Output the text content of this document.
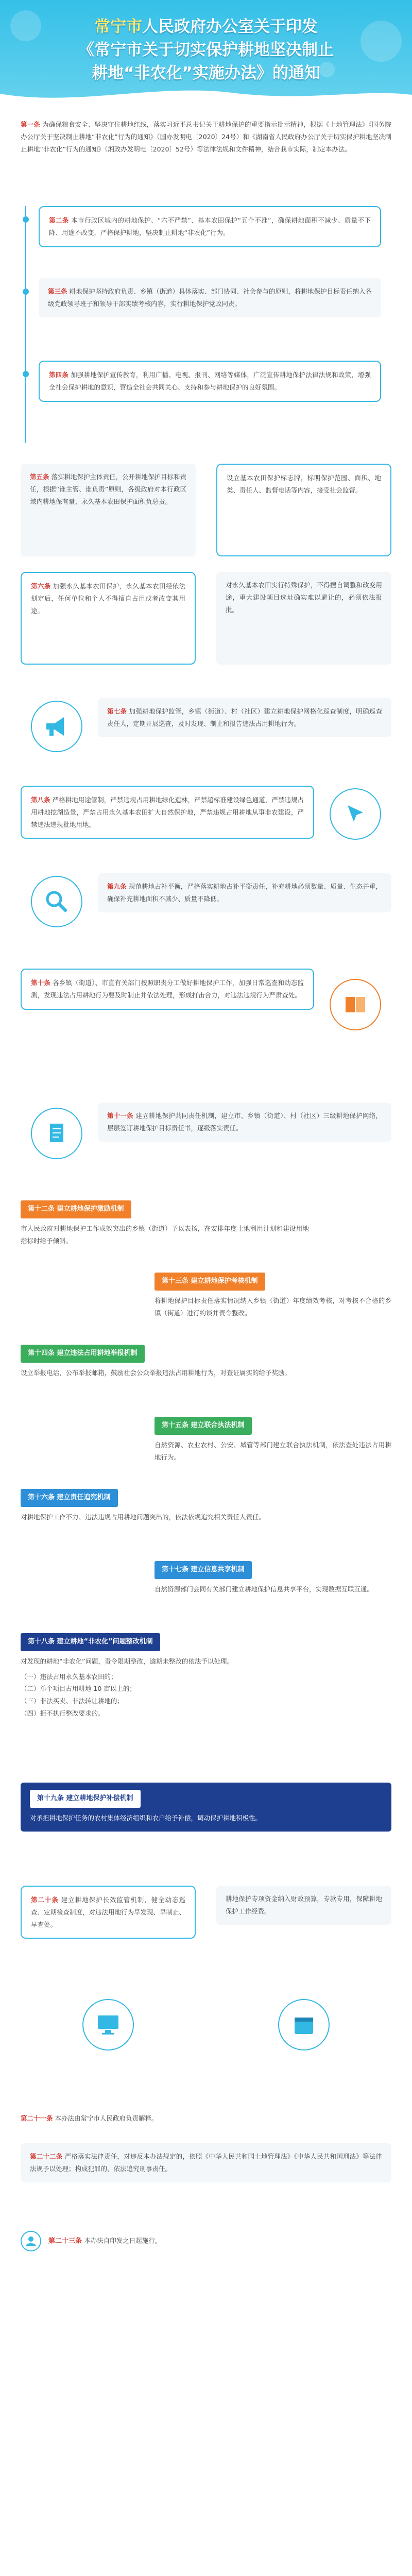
常宁市人民政府办公室关于印发
《常宁市关于切实保护耕地坚决制止
耕地“非农化”实施办法》的通知

第一条 为确保粮食安全、坚决守住耕地红线，落实习近平总书记关于耕地保护的重要指示批示精神，根据《土地管理法》《国务院办公厅关于坚决制止耕地“非农化”行为的通知》（国办发明电〔2020〕24号）和《湖南省人民政府办公厅关于切实保护耕地坚决制止耕地“非农化”行为的通知》（湘政办发明电〔2020〕52号）等法律法规和文件精神，结合我市实际，制定本办法。

第二条 本市行政区域内的耕地保护、“六不严禁”、基本农田保护“五个不准”，确保耕地面积不减少、质量不下降、用途不改变，严格保护耕地，坚决制止耕地“非农化”行为。

第三条 耕地保护坚持政府负责、乡镇（街道）具体落实、部门协同、社会参与的原则，将耕地保护目标责任纳入各级党政领导班子和领导干部实绩考核内容，实行耕地保护党政同责。

第四条 加强耕地保护宣传教育，利用广播、电视、报刊、网络等媒体，广泛宣传耕地保护法律法规和政策，增强全社会保护耕地的意识，营造全社会共同关心、支持和参与耕地保护的良好氛围。

第五条 落实耕地保护主体责任，公开耕地保护目标和责任，根据“谁主管、谁负责”原则，各级政府对本行政区域内耕地保有量、永久基本农田保护面积负总责。

设立基本农田保护标志牌，标明保护范围、面积、地类、责任人、监督电话等内容，接受社会监督。

第六条 加强永久基本农田保护，永久基本农田经依法划定后，任何单位和个人不得擅自占用或者改变其用途。

对永久基本农田实行特殊保护，不得擅自调整和改变用途，重大建设项目选址确实难以避让的，必须依法报批。

第七条 加强耕地保护监管，乡镇（街道）、村（社区）建立耕地保护网格化巡查制度，明确巡查责任人，定期开展巡查，及时发现、制止和报告违法占用耕地行为。

第八条 严格耕地用途管制，严禁违规占用耕地绿化造林，严禁超标准建设绿色通道，严禁违规占用耕地挖湖造景，严禁占用永久基本农田扩大自然保护地，严禁违规占用耕地从事非农建设，严禁违法违规批地用地。

第九条 规范耕地占补平衡，严格落实耕地占补平衡责任，补充耕地必须数量、质量、生态并重，确保补充耕地面积不减少、质量不降低。

第十条 各乡镇（街道）、市直有关部门按照职责分工做好耕地保护工作，加强日常巡查和动态监测，发现违法占用耕地行为要及时制止并依法处理，形成打击合力，对违法违规行为严肃查处。

第十一条 建立耕地保护共同责任机制，建立市、乡镇（街道）、村（社区）三级耕地保护网络，层层签订耕地保护目标责任书，逐级落实责任。

第十二条 建立耕地保护激励机制

市人民政府对耕地保护工作成效突出的乡镇（街道）予以表扬，在安排年度土地利用计划和建设用地指标时给予倾斜。

第十三条 建立耕地保护考核机制

将耕地保护目标责任落实情况纳入乡镇（街道）年度绩效考核，对考核不合格的乡镇（街道）进行约谈并责令整改。

第十四条 建立违法占用耕地举报机制

设立举报电话，公布举报邮箱，鼓励社会公众举报违法占用耕地行为，对查证属实的给予奖励。

第十五条 建立联合执法机制

自然资源、农业农村、公安、城管等部门建立联合执法机制，依法查处违法占用耕地行为。

第十六条 建立责任追究机制

对耕地保护工作不力、违法违规占用耕地问题突出的，依法依规追究相关责任人责任。

第十七条 建立信息共享机制

自然资源部门会同有关部门建立耕地保护信息共享平台，实现数据互联互通。

第十八条 建立耕地“非农化”问题整改机制

对发现的耕地“非农化”问题，责令限期整改，逾期未整改的依法予以处理。

（一）违法占用永久基本农田的；
（二）单个项目占用耕地 10 亩以上的；
（三）非法买卖、非法转让耕地的；
（四）拒不执行整改要求的。
第十九条 建立耕地保护补偿机制

对承担耕地保护任务的农村集体经济组织和农户给予补偿，调动保护耕地积极性。

第二十条 建立耕地保护长效监管机制，健全动态巡查、定期检查制度，对违法用地行为早发现、早制止、早查处。

耕地保护专项资金纳入财政预算，专款专用，保障耕地保护工作经费。

第二十一条 本办法由常宁市人民政府负责解释。

第二十二条 严格落实法律责任，对违反本办法规定的，依照《中华人民共和国土地管理法》《中华人民共和国刑法》等法律法规予以处理；构成犯罪的，依法追究刑事责任。

第二十三条 本办法自印发之日起施行。
